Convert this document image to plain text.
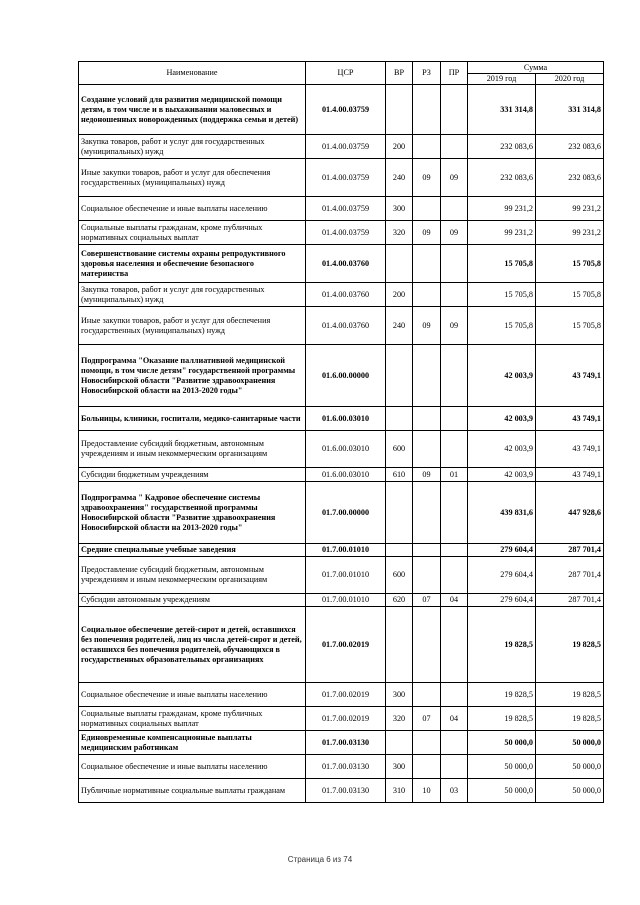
Наименование	ЦСР	ВР	РЗ	ПР	Сумма	
					2019 год	2020 год
Создание условий для развития медицинской помощи детям, в том числе и в выхаживании маловесных и недоношенных новорожденных (поддержка семьи и детей)	01.4.00.03759				331 314,8	331 314,8
Закупка товаров, работ и услуг для государственных (муниципальных) нужд	01.4.00.03759	200			232 083,6	232 083,6
Иные закупки товаров, работ и услуг для обеспечения государственных (муниципальных) нужд	01.4.00.03759	240	09	09	232 083,6	232 083,6
Социальное обеспечение и иные выплаты населению	01.4.00.03759	300			99 231,2	99 231,2
Социальные выплаты гражданам, кроме публичных нормативных социальных выплат	01.4.00.03759	320	09	09	99 231,2	99 231,2
Совершенствование системы охраны репродуктивного здоровья населения и обеспечение безопасного материнства	01.4.00.03760				15 705,8	15 705,8
Закупка товаров, работ и услуг для государственных (муниципальных) нужд	01.4.00.03760	200			15 705,8	15 705,8
Иные закупки товаров, работ и услуг для обеспечения государственных (муниципальных) нужд	01.4.00.03760	240	09	09	15 705,8	15 705,8
Подпрограмма "Оказание паллиативной медицинской помощи, в том числе детям" государственной программы Новосибирской области "Развитие здравоохранения Новосибирской области на 2013-2020 годы"	01.6.00.00000				42 003,9	43 749,1
Больницы, клиники, госпитали, медико-санитарные части	01.6.00.03010				42 003,9	43 749,1
Предоставление субсидий бюджетным, автономным учреждениям и иным некоммерческим организациям	01.6.00.03010	600			42 003,9	43 749,1
Субсидии бюджетным учреждениям	01.6.00.03010	610	09	01	42 003,9	43 749,1
Подпрограмма " Кадровое обеспечение системы здравоохранения" государственной программы Новосибирской области "Развитие здравоохранения Новосибирской области на 2013-2020 годы"	01.7.00.00000				439 831,6	447 928,6
Средние специальные учебные заведения	01.7.00.01010				279 604,4	287 701,4
Предоставление субсидий бюджетным, автономным учреждениям и иным некоммерческим организациям	01.7.00.01010	600			279 604,4	287 701,4
Субсидии автономным учреждениям	01.7.00.01010	620	07	04	279 604,4	287 701,4
Социальное обеспечение детей-сирот и детей, оставшихся без попечения родителей, лиц из числа детей-сирот и детей, оставшихся без попечения родителей, обучающихся в государственных образовательных организациях	01.7.00.02019				19 828,5	19 828,5
Социальное обеспечение и иные выплаты населению	01.7.00.02019	300			19 828,5	19 828,5
Социальные выплаты гражданам, кроме публичных нормативных социальных выплат	01.7.00.02019	320	07	04	19 828,5	19 828,5
Единовременные компенсационные выплаты медицинским работникам	01.7.00.03130				50 000,0	50 000,0
Социальное обеспечение и иные выплаты населению	01.7.00.03130	300			50 000,0	50 000,0
Публичные нормативные социальные выплаты гражданам	01.7.00.03130	310	10	03	50 000,0	50 000,0
Страница 6 из 74
